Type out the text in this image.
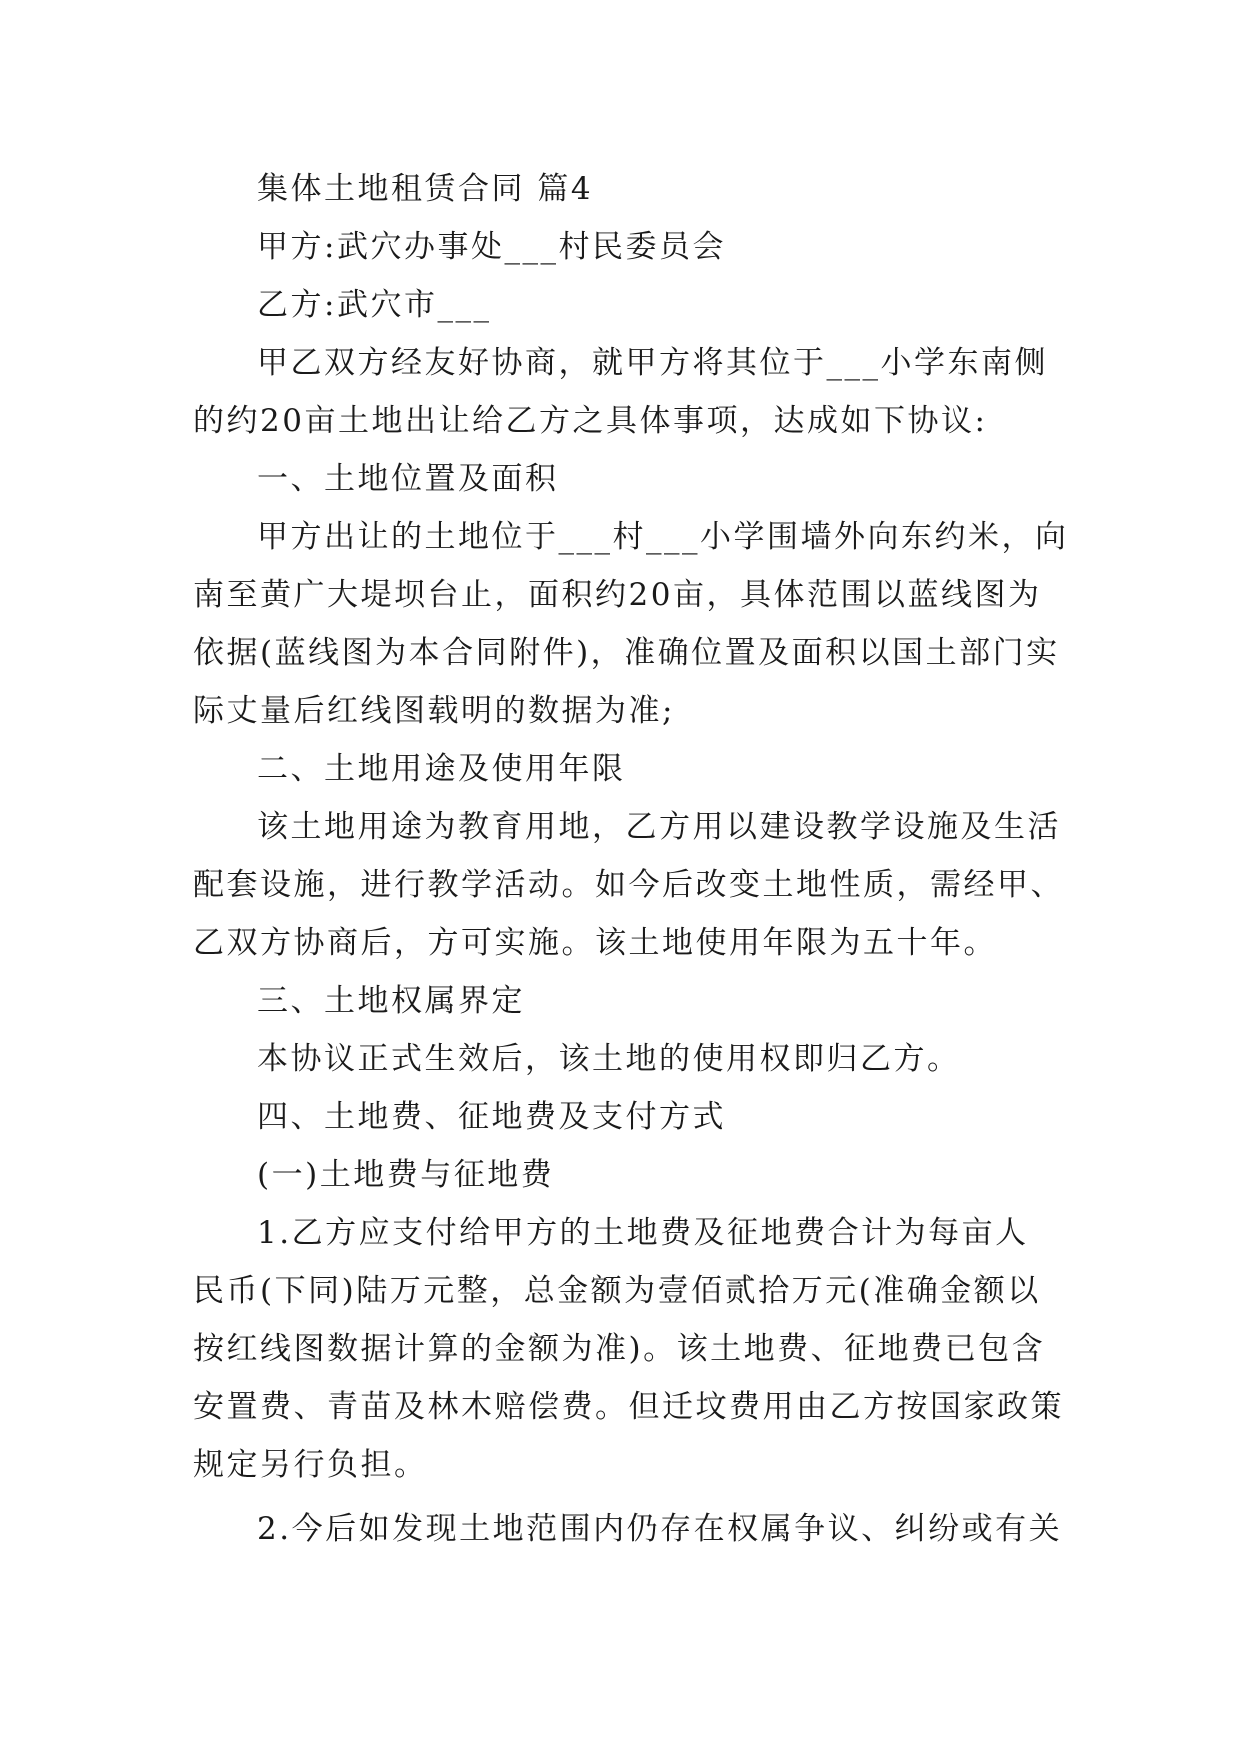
集体土地租赁合同 篇4
甲方:武穴办事处___村民委员会
乙方:武穴市___
甲乙双方经友好协商，就甲方将其位于___小学东南侧
的约20亩土地出让给乙方之具体事项，达成如下协议:
一、土地位置及面积
甲方出让的土地位于___村___小学围墙外向东约米，向
南至黄广大堤坝台止，面积约20亩，具体范围以蓝线图为
依据(蓝线图为本合同附件)，准确位置及面积以国土部门实
际丈量后红线图载明的数据为准;
二、土地用途及使用年限
该土地用途为教育用地，乙方用以建设教学设施及生活
配套设施，进行教学活动。如今后改变土地性质，需经甲、
乙双方协商后，方可实施。该土地使用年限为五十年。
三、土地权属界定
本协议正式生效后，该土地的使用权即归乙方。
四、土地费、征地费及支付方式
(一)土地费与征地费
1.乙方应支付给甲方的土地费及征地费合计为每亩人
民币(下同)陆万元整，总金额为壹佰贰拾万元(准确金额以
按红线图数据计算的金额为准)。该土地费、征地费已包含
安置费、青苗及林木赔偿费。但迁坟费用由乙方按国家政策
规定另行负担。
2.今后如发现土地范围内仍存在权属争议、纠纷或有关
